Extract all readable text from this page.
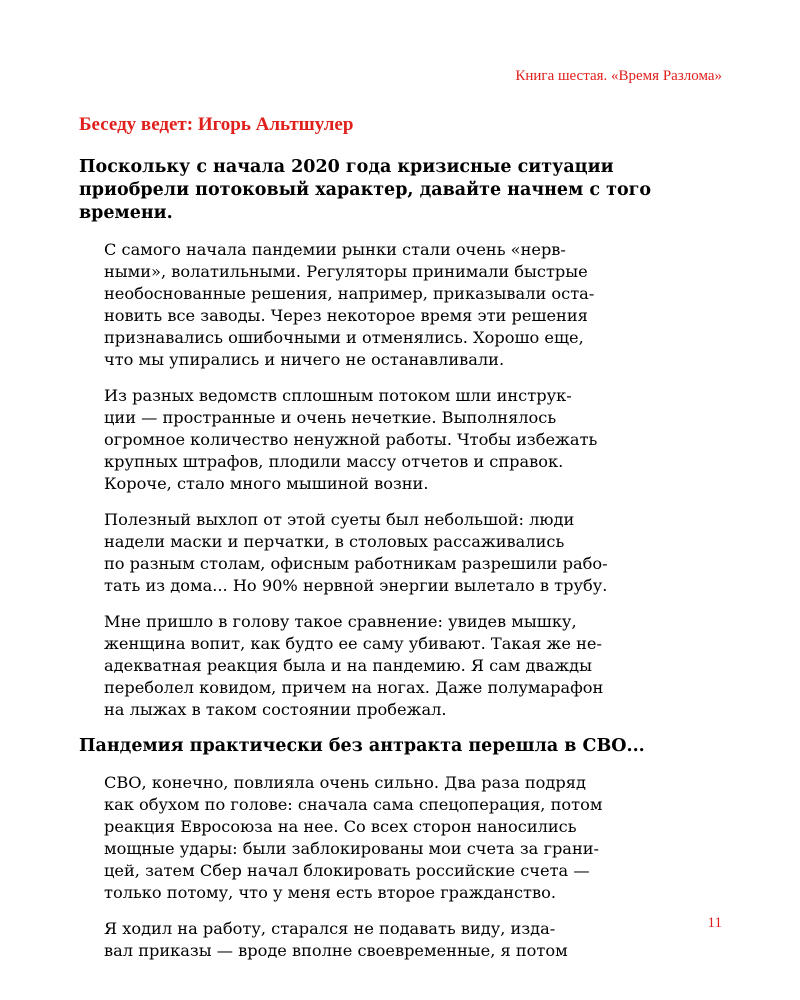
Книга шестая. «Время Разлома»
Беседу ведет: Игорь Альтшулер
Поскольку с начала 2020 года кризисные ситуации
приобрели потоковый характер, давайте начнем с того
времени.
С самого начала пандемии рынки стали очень «нерв-
ными», волатильными. Регуляторы принимали быстрые
необоснованные решения, например, приказывали оста-
новить все заводы. Через некоторое время эти решения
признавались ошибочными и отменялись. Хорошо еще,
что мы упирались и ничего не останавливали.
Из разных ведомств сплошным потоком шли инструк-
ции — пространные и очень нечеткие. Выполнялось
огромное количество ненужной работы. Чтобы избежать
крупных штрафов, плодили массу отчетов и справок.
Короче, стало много мышиной возни.
Полезный выхлоп от этой суеты был небольшой: люди
надели маски и перчатки, в столовых рассаживались
по разным столам, офисным работникам разрешили рабо-
тать из дома... Но 90% нервной энергии вылетало в трубу.
Мне пришло в голову такое сравнение: увидев мышку,
женщина вопит, как будто ее саму убивают. Такая же не-
адекватная реакция была и на пандемию. Я сам дважды
переболел ковидом, причем на ногах. Даже полумарафон
на лыжах в таком состоянии пробежал.
Пандемия практически без антракта перешла в СВО...
СВО, конечно, повлияла очень сильно. Два раза подряд
как обухом по голове: сначала сама спецоперация, потом
реакция Евросоюза на нее. Со всех сторон наносились
мощные удары: были заблокированы мои счета за грани-
цей, затем Сбер начал блокировать российские счета —
только потому, что у меня есть второе гражданство.
Я ходил на работу, старался не подавать виду, изда-
вал приказы — вроде вполне своевременные, я потом
11
